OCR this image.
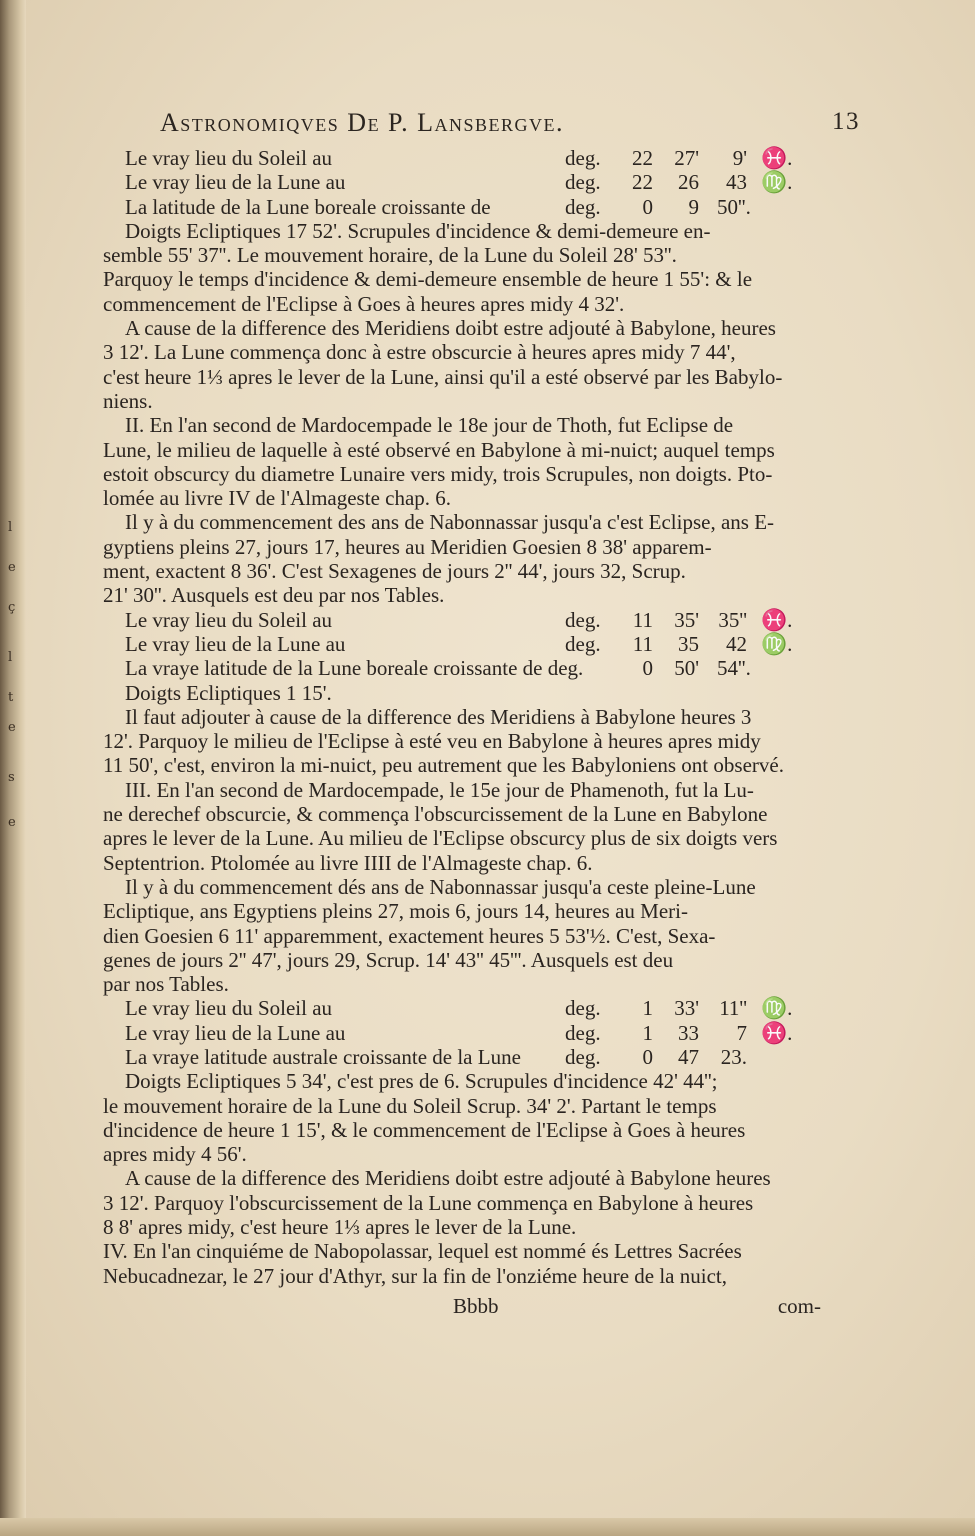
l
e
ç
l
t
e
s
e
Astronomiqves De P. Lansbergve.	13
Le vray lieu du Soleil au	deg.	22 27'	9' ♓.
Le vray lieu de la Lune au	deg.	22	26	43 ♍.
La latitude de la Lune boreale croissante de	deg.	0	9 50''.
Doigts Ecliptiques 17 52'. Scrupules d'incidence & demi-demeure en-
semble 55' 37''. Le mouvement horaire, de la Lune du Soleil 28' 53''.
Parquoy le temps d'incidence & demi-demeure ensemble de heure 1 55': & le
commencement de l'Eclipse à Goes à heures apres midy 4 32'.
A cause de la difference des Meridiens doibt estre adjouté à Babylone, heures
3 12'. La Lune commença donc à estre obscurcie à heures apres midy 7 44',
c'est heure 1⅓ apres le lever de la Lune, ainsi qu'il a esté observé par les Babylo-
niens.
II. En l'an second de Mardocempade le 18e jour de Thoth, fut Eclipse de
Lune, le milieu de laquelle à esté observé en Babylone à mi-nuict; auquel temps
estoit obscurcy du diametre Lunaire vers midy, trois Scrupules, non doigts. Pto-
lomée au livre IV de l'Almageste chap. 6.
Il y à du commencement des ans de Nabonnassar jusqu'a c'est Eclipse, ans E-
gyptiens pleins 27, jours 17, heures au Meridien Goesien 8 38' apparem-
ment, exactent 8 36'. C'est Sexagenes de jours 2'' 44', jours 32, Scrup.
21' 30''. Ausquels est deu par nos Tables.
Le vray lieu du Soleil au	deg.	11 35' 35'' ♓.
Le vray lieu de la Lune au	deg.	11	35	42 ♍.
La vraye latitude de la Lune boreale croissante de deg.	0 50' 54''.
Doigts Ecliptiques 1 15'.
Il faut adjouter à cause de la difference des Meridiens à Babylone heures 3
12'. Parquoy le milieu de l'Eclipse à esté veu en Babylone à heures apres midy
11 50', c'est, environ la mi-nuict, peu autrement que les Babyloniens ont observé.
III. En l'an second de Mardocempade, le 15e jour de Phamenoth, fut la Lu-
ne derechef obscurcie, & commença l'obscurcissement de la Lune en Babylone
apres le lever de la Lune. Au milieu de l'Eclipse obscurcy plus de six doigts vers
Septentrion. Ptolomée au livre IIII de l'Almageste chap. 6.
Il y à du commencement dés ans de Nabonnassar jusqu'a ceste pleine-Lune
Ecliptique, ans Egyptiens pleins 27, mois 6, jours 14, heures au Meri-
dien Goesien 6 11' apparemment, exactement heures 5 53'½. C'est, Sexa-
genes de jours 2'' 47', jours 29, Scrup. 14' 43'' 45'''. Ausquels est deu
par nos Tables.
Le vray lieu du Soleil au	deg.	1 33' 11'' ♍.
Le vray lieu de la Lune au	deg.	1	33	7 ♓.
La vraye latitude australe croissante de la Lune deg.	0	47 23.
Doigts Ecliptiques 5 34', c'est pres de 6. Scrupules d'incidence 42' 44'';
le mouvement horaire de la Lune du Soleil Scrup. 34' 2'. Partant le temps
d'incidence de heure 1 15', & le commencement de l'Eclipse à Goes à heures
apres midy 4 56'.
A cause de la difference des Meridiens doibt estre adjouté à Babylone heures
3 12'. Parquoy l'obscurcissement de la Lune commença en Babylone à heures
8 8' apres midy, c'est heure 1⅓ apres le lever de la Lune.
IV. En l'an cinquiéme de Nabopolassar, lequel est nommé és Lettres Sacrées
Nebucadnezar, le 27 jour d'Athyr, sur la fin de l'onziéme heure de la nuict,
Bbbb	com-
